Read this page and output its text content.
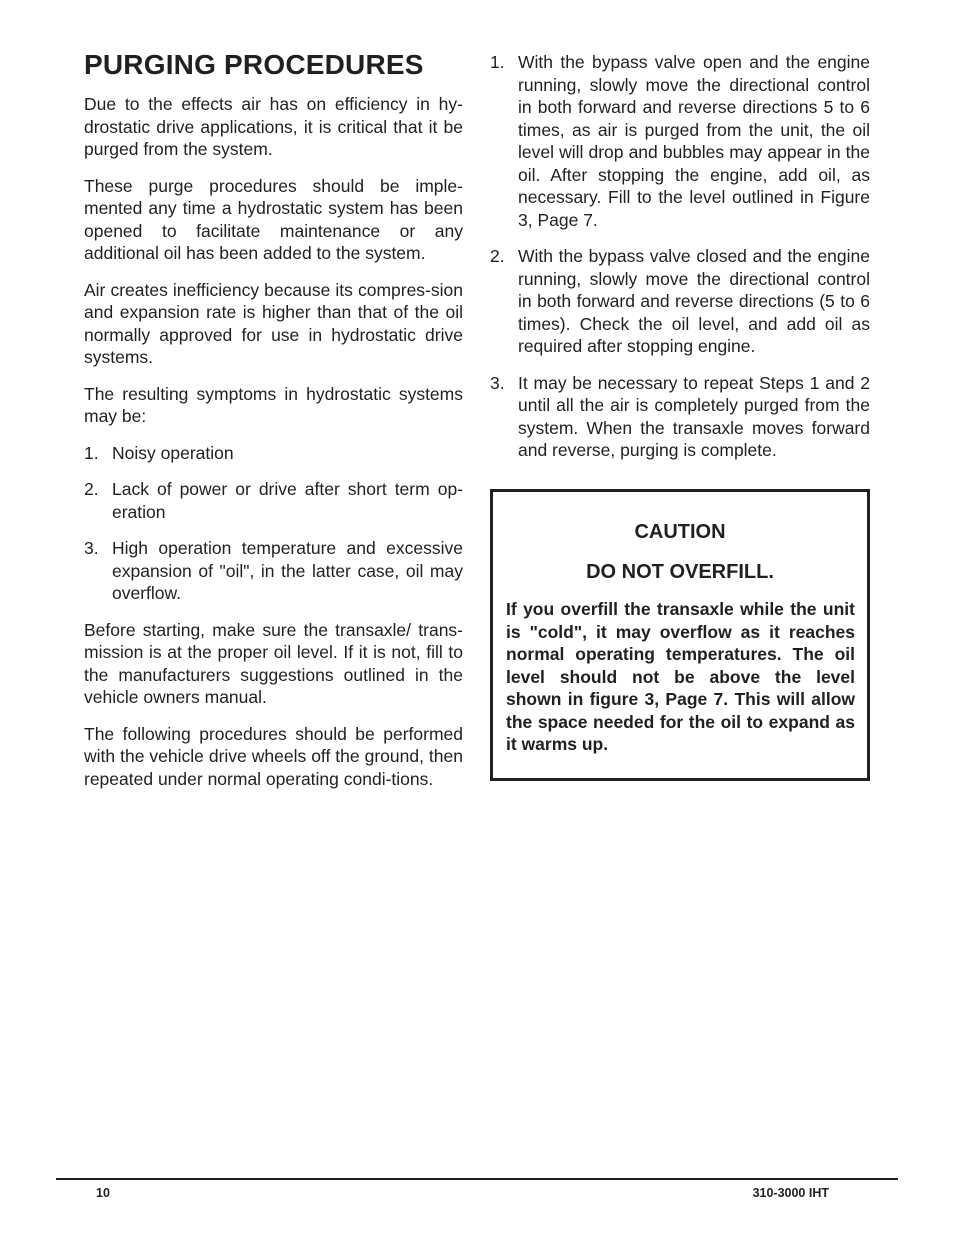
PURGING PROCEDURES

Due to the effects air has on efficiency in hy-drostatic drive applications, it is critical that it be purged from the system.

These purge procedures should be imple-mented any time a hydrostatic system has been opened to facilitate maintenance or any additional oil has been added to the system.

Air creates inefficiency because its compres-sion and expansion rate is higher than that of the oil normally approved for use in hydrostatic drive systems.

The resulting symptoms in hydrostatic systems may be:

1. Noisy operation
2. Lack of power or drive after short term op-eration
3. High operation temperature and excessive expansion of "oil", in the latter case, oil may overflow.

Before starting, make sure the transaxle/ trans-mission is at the proper oil level. If it is not, fill to the manufacturers suggestions outlined in the vehicle owners manual.

The following procedures should be performed with the vehicle drive wheels off the ground, then repeated under normal operating condi-tions.

1. With the bypass valve open and the engine running, slowly move the directional control in both forward and reverse directions 5 to 6 times, as air is purged from the unit, the oil level will drop and bubbles may appear in the oil. After stopping the engine, add oil, as necessary. Fill to the level outlined in Figure 3, Page 7.
2. With the bypass valve closed and the engine running, slowly move the directional control in both forward and reverse directions (5 to 6 times). Check the oil level, and add oil as required after stopping engine.
3. It may be necessary to repeat Steps 1 and 2 until all the air is completely purged from the system. When the transaxle moves forward and reverse, purging is complete.
CAUTION
DO NOT OVERFILL.
If you overfill the transaxle while the unit is "cold", it may overflow as it reaches normal operating temperatures. The oil level should not be above the level shown in figure 3, Page 7. This will allow the space needed for the oil to expand as it warms up.
10	310-3000 IHT
